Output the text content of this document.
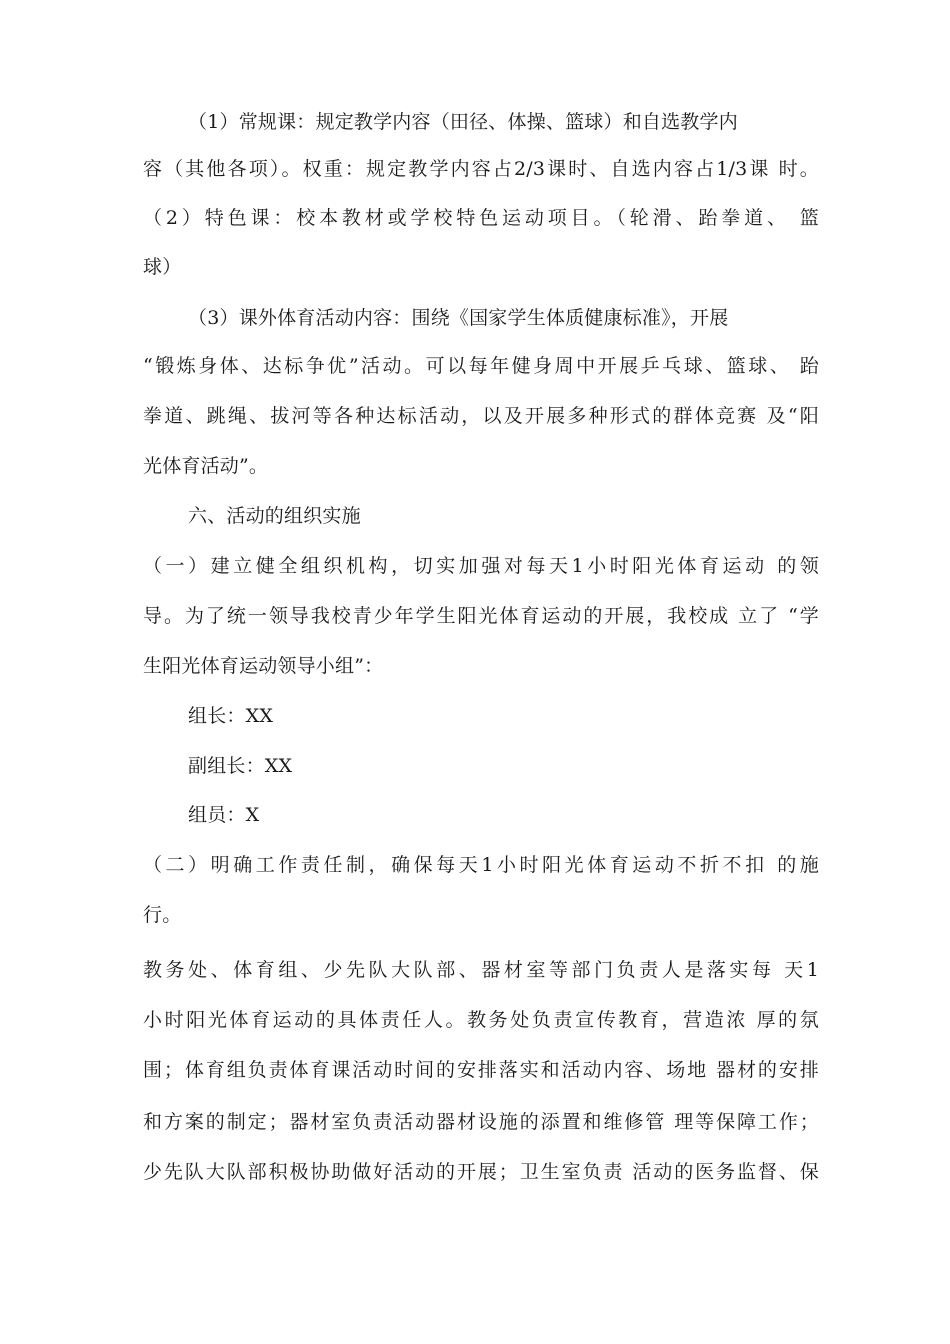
（1）常规课：规定教学内容（田径、体操、篮球）和自选教学内
容（其他各项）。权重：规定教学内容占2/3课时、自选内容占1/3课 时。
（2）特色课：校本教材或学校特色运动项目。（轮滑、跆拳道、 篮
球）
（3）课外体育活动内容：围绕《国家学生体质健康标准》，开展
“锻炼身体、达标争优”活动。可以每年健身周中开展乒乓球、篮球、 跆
拳道、跳绳、拔河等各种达标活动，以及开展多种形式的群体竞赛 及“阳
光体育活动”。
六、活动的组织实施
（一）建立健全组织机构，切实加强对每天1小时阳光体育运动 的领
导。为了统一领导我校青少年学生阳光体育运动的开展，我校成 立了 “学
生阳光体育运动领导小组”：
组长：XX
副组长：XX
组员：X
（二）明确工作责任制，确保每天1小时阳光体育运动不折不扣 的施
行。
教务处、体育组、少先队大队部、器材室等部门负责人是落实每 天1
小时阳光体育运动的具体责任人。教务处负责宣传教育，营造浓 厚的氛
围；体育组负责体育课活动时间的安排落实和活动内容、场地 器材的安排
和方案的制定；器材室负责活动器材设施的添置和维修管 理等保障工作；
少先队大队部积极协助做好活动的开展；卫生室负责 活动的医务监督、保
